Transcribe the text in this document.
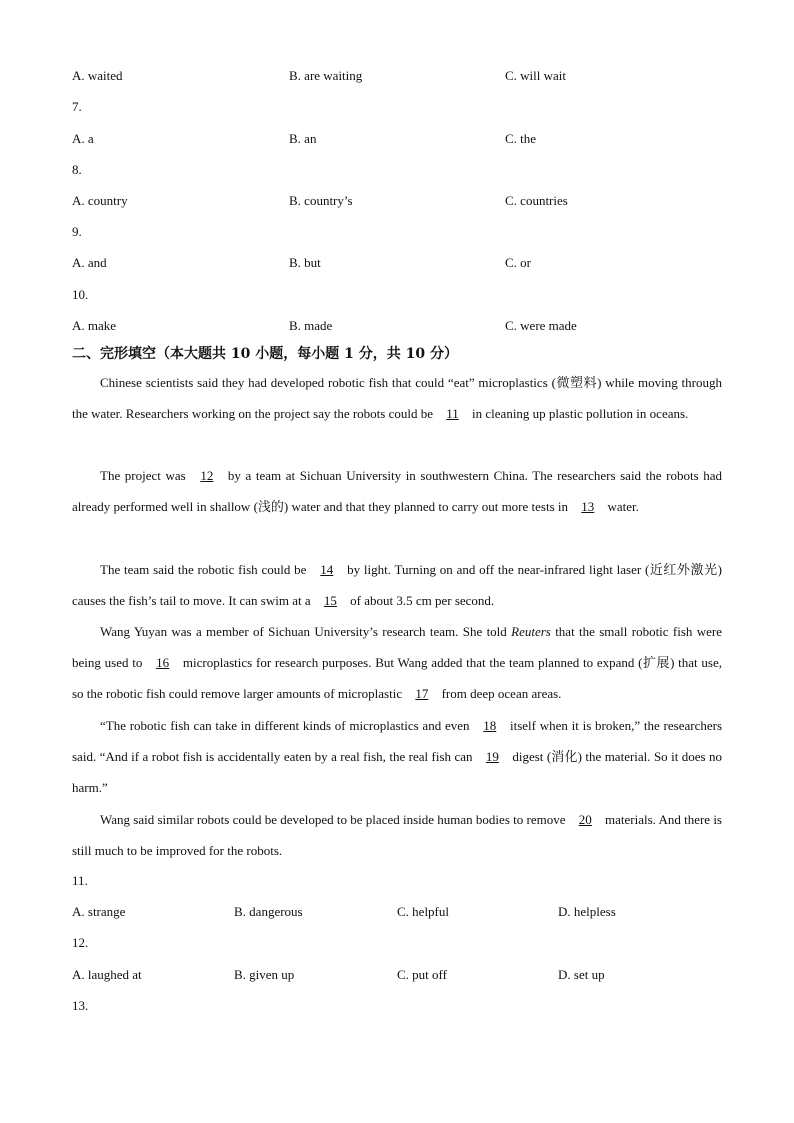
A. waited	B. are waiting	C. will wait
7.
A. a	B. an	C. the
8.
A. country	B. country’s	C. countries
9.
A. and	B. but	C. or
10.
A. make	B. made	C. were made
二、完形填空（本大题共 10 小题，每小题 1 分，共 10 分）
Chinese scientists said they had developed robotic fish that could “eat” microplastics (微塑料) while moving through the water. Researchers working on the project say the robots could be 11 in cleaning up plastic pollution in oceans.
The project was 12 by a team at Sichuan University in southwestern China. The researchers said the robots had already performed well in shallow (浅的) water and that they planned to carry out more tests in 13 water.
The team said the robotic fish could be 14 by light. Turning on and off the near-infrared light laser (近红外激光) causes the fish’s tail to move. It can swim at a 15 of about 3.5 cm per second.
Wang Yuyan was a member of Sichuan University’s research team. She told Reuters that the small robotic fish were being used to 16 microplastics for research purposes. But Wang added that the team planned to expand (扩展) that use, so the robotic fish could remove larger amounts of microplastic 17 from deep ocean areas.
“The robotic fish can take in different kinds of microplastics and even 18 itself when it is broken,” the researchers said. “And if a robot fish is accidentally eaten by a real fish, the real fish can 19 digest (消化) the material. So it does no harm.”
Wang said similar robots could be developed to be placed inside human bodies to remove 20 materials. And there is still much to be improved for the robots.
11.
A. strange	B. dangerous	C. helpful	D. helpless
12.
A. laughed at	B. given up	C. put off	D. set up
13.
